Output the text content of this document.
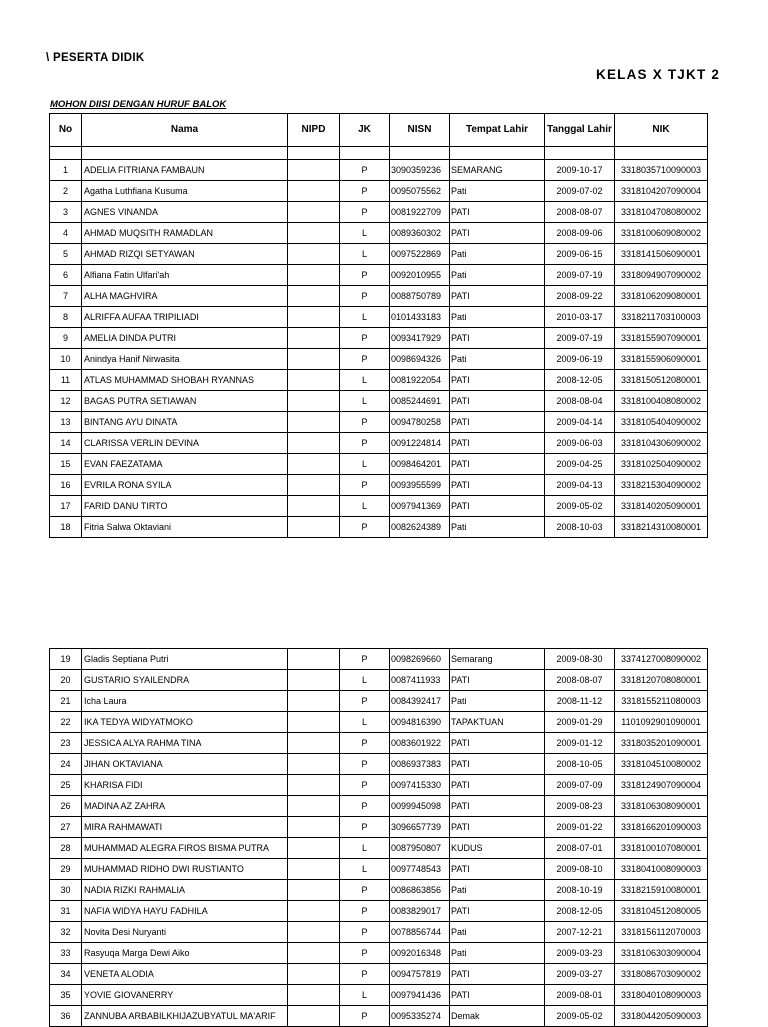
\ PESERTA DIDIK
KELAS X TJKT 2
MOHON DIISI DENGAN HURUF BALOK
No	Nama	NIPD	JK	NISN	Tempat Lahir	Tanggal Lahir	NIK

1	ADELIA FITRIANA FAMBAUN		P	3090359236	SEMARANG	2009-10-17	3318035710090003
2	Agatha Luthfiana Kusuma		P	0095075562	Pati	2009-07-02	3318104207090004
3	AGNES VINANDA		P	0081922709	PATI	2008-08-07	3318104708080002
4	AHMAD MUQSITH RAMADLAN		L	0089360302	PATI	2008-09-06	3318100609080002
5	AHMAD RIZQI SETYAWAN		L	0097522869	Pati	2009-06-15	3318141506090001
6	Alfiana Fatin Ulfari'ah		P	0092010955	Pati	2009-07-19	3318094907090002
7	ALHA MAGHVIRA		P	0088750789	PATI	2008-09-22	3318106209080001
8	ALRIFFA AUFAA TRIPILIADI		L	0101433183	Pati	2010-03-17	3318211703100003
9	AMELIA DINDA PUTRI		P	0093417929	PATI	2009-07-19	3318155907090001
10	Anindya Hanif Nirwasita		P	0098694326	Pati	2009-06-19	3318155906090001
11	ATLAS MUHAMMAD SHOBAH RYANNAS		L	0081922054	PATI	2008-12-05	3318150512080001
12	BAGAS PUTRA SETIAWAN		L	0085244691	PATI	2008-08-04	3318100408080002
13	BINTANG AYU DINATA		P	0094780258	PATI	2009-04-14	3318105404090002
14	CLARISSA VERLIN DEVINA		P	0091224814	PATI	2009-06-03	3318104306090002
15	EVAN FAEZATAMA		L	0098464201	PATI	2009-04-25	3318102504090002
16	EVRILA RONA SYILA		P	0093955599	PATI	2009-04-13	3318215304090002
17	FARID DANU TIRTO		L	0097941369	PATI	2009-05-02	3318140205090001
18	Fitria Salwa Oktaviani		P	0082624389	Pati	2008-10-03	3318214310080001
19	Gladis Septiana Putri		P	0098269660	Semarang	2009-08-30	3374127008090002
20	GUSTARIO SYAILENDRA		L	0087411933	PATI	2008-08-07	3318120708080001
21	Icha Laura		P	0084392417	Pati	2008-11-12	3318155211080003
22	IKA TEDYA WIDYATMOKO		L	0094816390	TAPAKTUAN	2009-01-29	1101092901090001
23	JESSICA ALYA RAHMA TINA		P	0083601922	PATI	2009-01-12	3318035201090001
24	JIHAN OKTAVIANA		P	0086937383	PATI	2008-10-05	3318104510080002
25	KHARISA FIDI		P	0097415330	PATI	2009-07-09	3318124907090004
26	MADINA AZ ZAHRA		P	0099945098	PATI	2009-08-23	3318106308090001
27	MIRA RAHMAWATI		P	3096657739	PATI	2009-01-22	3318166201090003
28	MUHAMMAD ALEGRA FIROS BISMA PUTRA		L	0087950807	KUDUS	2008-07-01	3318100107080001
29	MUHAMMAD RIDHO DWI RUSTIANTO		L	0097748543	PATI	2009-08-10	3318041008090003
30	NADIA RIZKI RAHMALIA		P	0086863856	Pati	2008-10-19	3318215910080001
31	NAFIA WIDYA HAYU FADHILA		P	0083829017	PATI	2008-12-05	3318104512080005
32	Novita Desi Nuryanti		P	0078856744	Pati	2007-12-21	3318156112070003
33	Rasyuqa Marga Dewi Aiko		P	0092016348	Pati	2009-03-23	3318106303090004
34	VENETA ALODIA		P	0094757819	PATI	2009-03-27	3318086703090002
35	YOVIE GIOVANERRY		L	0097941436	PATI	2009-08-01	3318040108090003
36	ZANNUBA ARBABILKHIJAZUBYATUL MA'ARIF		P	0095335274	Demak	2009-05-02	3318044205090003
